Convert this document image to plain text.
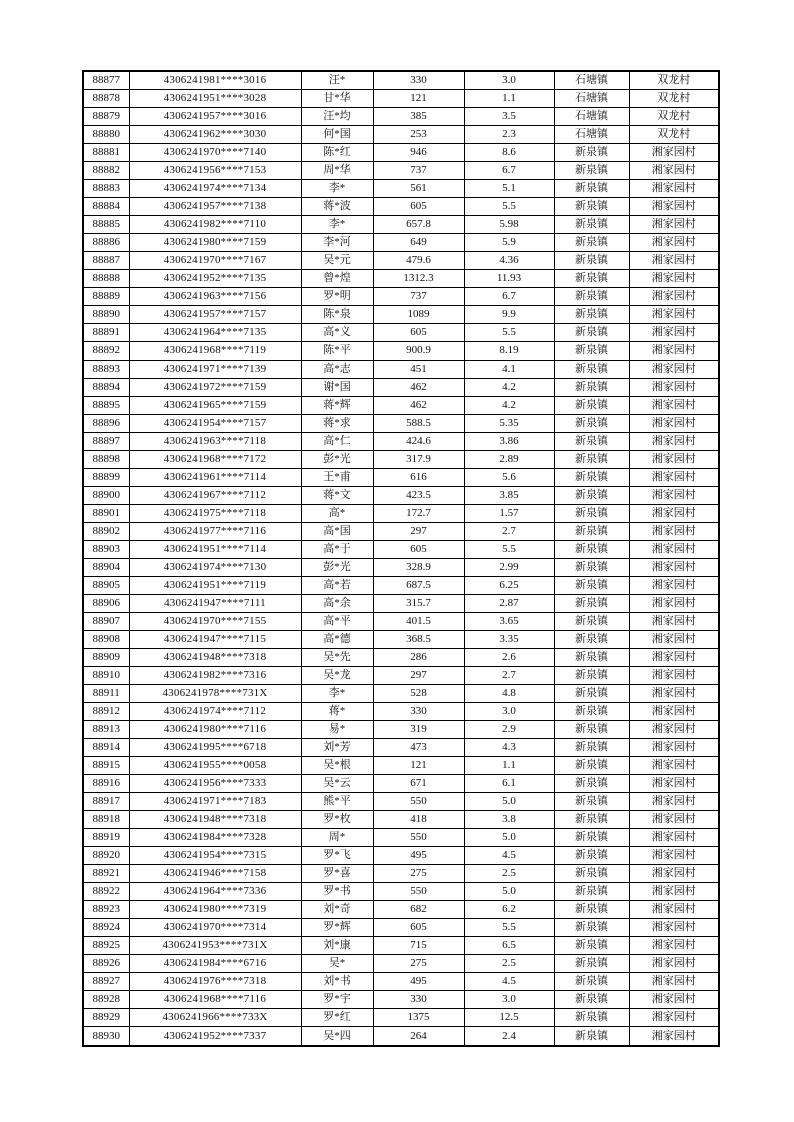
88877	4306241981****3016	汪*	330	3.0	石塘镇	双龙村
88878	4306241951****3028	甘*华	121	1.1	石塘镇	双龙村
88879	4306241957****3016	汪*均	385	3.5	石塘镇	双龙村
88880	4306241962****3030	何*国	253	2.3	石塘镇	双龙村
88881	4306241970****7140	陈*红	946	8.6	新泉镇	湘家园村
88882	4306241956****7153	周*华	737	6.7	新泉镇	湘家园村
88883	4306241974****7134	李*	561	5.1	新泉镇	湘家园村
88884	4306241957****7138	蒋*波	605	5.5	新泉镇	湘家园村
88885	4306241982****7110	李*	657.8	5.98	新泉镇	湘家园村
88886	4306241980****7159	李*河	649	5.9	新泉镇	湘家园村
88887	4306241970****7167	吴*元	479.6	4.36	新泉镇	湘家园村
88888	4306241952****7135	曾*煌	1312.3	11.93	新泉镇	湘家园村
88889	4306241963****7156	罗*明	737	6.7	新泉镇	湘家园村
88890	4306241957****7157	陈*泉	1089	9.9	新泉镇	湘家园村
88891	4306241964****7135	高*义	605	5.5	新泉镇	湘家园村
88892	4306241968****7119	陈*平	900.9	8.19	新泉镇	湘家园村
88893	4306241971****7139	高*志	451	4.1	新泉镇	湘家园村
88894	4306241972****7159	谢*国	462	4.2	新泉镇	湘家园村
88895	4306241965****7159	蒋*辉	462	4.2	新泉镇	湘家园村
88896	4306241954****7157	蒋*求	588.5	5.35	新泉镇	湘家园村
88897	4306241963****7118	高*仁	424.6	3.86	新泉镇	湘家园村
88898	4306241968****7172	彭*光	317.9	2.89	新泉镇	湘家园村
88899	4306241961****7114	王*甫	616	5.6	新泉镇	湘家园村
88900	4306241967****7112	蒋*文	423.5	3.85	新泉镇	湘家园村
88901	4306241975****7118	高*	172.7	1.57	新泉镇	湘家园村
88902	4306241977****7116	高*国	297	2.7	新泉镇	湘家园村
88903	4306241951****7114	高*于	605	5.5	新泉镇	湘家园村
88904	4306241974****7130	彭*光	328.9	2.99	新泉镇	湘家园村
88905	4306241951****7119	高*若	687.5	6.25	新泉镇	湘家园村
88906	4306241947****7111	高*余	315.7	2.87	新泉镇	湘家园村
88907	4306241970****7155	高*平	401.5	3.65	新泉镇	湘家园村
88908	4306241947****7115	高*德	368.5	3.35	新泉镇	湘家园村
88909	4306241948****7318	吴*先	286	2.6	新泉镇	湘家园村
88910	4306241982****7316	吴*龙	297	2.7	新泉镇	湘家园村
88911	4306241978****731X	李*	528	4.8	新泉镇	湘家园村
88912	4306241974****7112	蒋*	330	3.0	新泉镇	湘家园村
88913	4306241980****7116	易*	319	2.9	新泉镇	湘家园村
88914	4306241995****6718	刘*芳	473	4.3	新泉镇	湘家园村
88915	4306241955****0058	吴*根	121	1.1	新泉镇	湘家园村
88916	4306241956****7333	吴*云	671	6.1	新泉镇	湘家园村
88917	4306241971****7183	熊*平	550	5.0	新泉镇	湘家园村
88918	4306241948****7318	罗*枚	418	3.8	新泉镇	湘家园村
88919	4306241984****7328	周*	550	5.0	新泉镇	湘家园村
88920	4306241954****7315	罗*飞	495	4.5	新泉镇	湘家园村
88921	4306241946****7158	罗*喜	275	2.5	新泉镇	湘家园村
88922	4306241964****7336	罗*书	550	5.0	新泉镇	湘家园村
88923	4306241980****7319	刘*奇	682	6.2	新泉镇	湘家园村
88924	4306241970****7314	罗*辉	605	5.5	新泉镇	湘家园村
88925	4306241953****731X	刘*康	715	6.5	新泉镇	湘家园村
88926	4306241984****6716	吴*	275	2.5	新泉镇	湘家园村
88927	4306241976****7318	刘*书	495	4.5	新泉镇	湘家园村
88928	4306241968****7116	罗*宇	330	3.0	新泉镇	湘家园村
88929	4306241966****733X	罗*红	1375	12.5	新泉镇	湘家园村
88930	4306241952****7337	吴*四	264	2.4	新泉镇	湘家园村
